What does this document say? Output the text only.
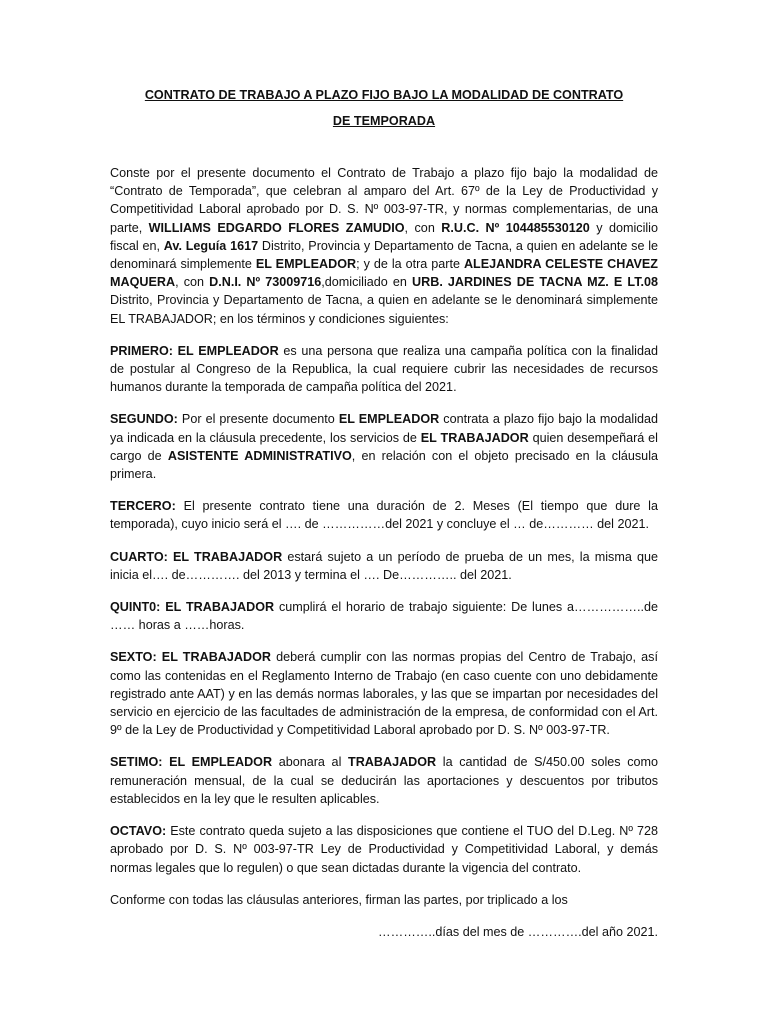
CONTRATO DE TRABAJO A PLAZO FIJO BAJO LA MODALIDAD DE CONTRATO

DE TEMPORADA

Conste por el presente documento el Contrato de Trabajo a plazo fijo bajo la modalidad de “Contrato de Temporada”, que celebran al amparo del Art. 67º de la Ley de Productividad y Competitividad Laboral aprobado por D. S. Nº 003-97-TR, y normas complementarias, de una parte, WILLIAMS EDGARDO FLORES ZAMUDIO, con R.U.C. Nº 104485530120 y domicilio fiscal en, Av. Leguía 1617 Distrito, Provincia y Departamento de Tacna, a quien en adelante se le denominará simplemente EL EMPLEADOR; y de la otra parte ALEJANDRA CELESTE CHAVEZ MAQUERA, con D.N.I. Nº 73009716,domiciliado en URB. JARDINES DE TACNA MZ. E LT.08 Distrito, Provincia y Departamento de Tacna, a quien en adelante se le denominará simplemente EL TRABAJADOR; en los términos y condiciones siguientes:

PRIMERO: EL EMPLEADOR es una persona que realiza una campaña política con la finalidad de postular al Congreso de la Republica, la cual requiere cubrir las necesidades de recursos humanos durante la temporada de campaña política del 2021.

SEGUNDO: Por el presente documento EL EMPLEADOR contrata a plazo fijo bajo la modalidad ya indicada en la cláusula precedente, los servicios de EL TRABAJADOR quien desempeñará el cargo de ASISTENTE ADMINISTRATIVO, en relación con el objeto precisado en la cláusula primera.

TERCERO: El presente contrato tiene una duración de 2. Meses (El tiempo que dure la temporada), cuyo inicio será el …. de ……………del 2021 y concluye el … de………… del 2021.

CUARTO: EL TRABAJADOR estará sujeto a un período de prueba de un mes, la misma que inicia el…. de…………. del 2013 y termina el …. De………….. del 2021.

QUINT0: EL TRABAJADOR cumplirá el horario de trabajo siguiente: De lunes a……………..de …… horas a ……horas.

SEXTO: EL TRABAJADOR deberá cumplir con las normas propias del Centro de Trabajo, así como las contenidas en el Reglamento Interno de Trabajo (en caso cuente con uno debidamente registrado ante AAT) y en las demás normas laborales, y las que se impartan por necesidades del servicio en ejercicio de las facultades de administración de la empresa, de conformidad con el Art. 9º de la Ley de Productividad y Competitividad Laboral aprobado por D. S. Nº 003-97-TR.

SETIMO: EL EMPLEADOR abonara al TRABAJADOR la cantidad de S/450.00 soles como remuneración mensual, de la cual se deducirán las aportaciones y descuentos por tributos establecidos en la ley que le resulten aplicables.

OCTAVO: Este contrato queda sujeto a las disposiciones que contiene el TUO del D.Leg. Nº 728 aprobado por D. S. Nº 003-97-TR Ley de Productividad y Competitividad Laboral, y demás normas legales que lo regulen) o que sean dictadas durante la vigencia del contrato.

Conforme con todas las cláusulas anteriores, firman las partes, por triplicado a los

…………..días del mes de ………….del año 2021.
